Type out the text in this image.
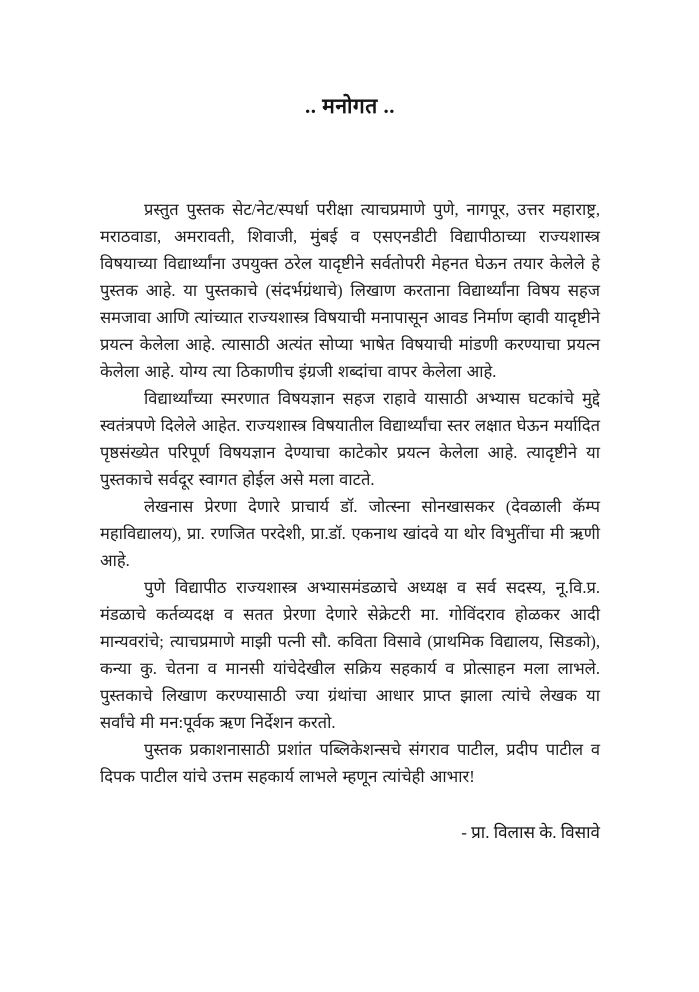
.. मनोगत ..

प्रस्तुत पुस्तक सेट/नेट/स्पर्धा परीक्षा त्याचप्रमाणे पुणे, नागपूर, उत्तर महाराष्ट्र, मराठवाडा, अमरावती, शिवाजी, मुंबई व एसएनडीटी विद्यापीठाच्या राज्यशास्त्र विषयाच्या विद्यार्थ्यांना उपयुक्त ठरेल यादृष्टीने सर्वतोपरी मेहनत घेऊन तयार केलेले हे पुस्तक आहे. या पुस्तकाचे (संदर्भग्रंथाचे) लिखाण करताना विद्यार्थ्यांना विषय सहज समजावा आणि त्यांच्यात राज्यशास्त्र विषयाची मनापासून आवड निर्माण व्हावी यादृष्टीने प्रयत्न केलेला आहे. त्यासाठी अत्यंत सोप्या भाषेत विषयाची मांडणी करण्याचा प्रयत्न केलेला आहे. योग्य त्या ठिकाणीच इंग्रजी शब्दांचा वापर केलेला आहे.

विद्यार्थ्यांच्या स्मरणात विषयज्ञान सहज राहावे यासाठी अभ्यास घटकांचे मुद्दे स्वतंत्रपणे दिलेले आहेत. राज्यशास्त्र विषयातील विद्यार्थ्यांचा स्तर लक्षात घेऊन मर्यादित पृष्ठसंख्येत परिपूर्ण विषयज्ञान देण्याचा काटेकोर प्रयत्न केलेला आहे. त्यादृष्टीने या पुस्तकाचे सर्वदूर स्वागत होईल असे मला वाटते.

लेखनास प्रेरणा देणारे प्राचार्य डॉ. जोत्स्ना सोनखासकर (देवळाली कॅम्प महाविद्यालय), प्रा. रणजित परदेशी, प्रा.डॉ. एकनाथ खांदवे या थोर विभुतींचा मी ऋणी आहे.

पुणे विद्यापीठ राज्यशास्त्र अभ्यासमंडळाचे अध्यक्ष व सर्व सदस्य, नू.वि.प्र. मंडळाचे कर्तव्यदक्ष व सतत प्रेरणा देणारे सेक्रेटरी मा. गोविंदराव होळकर आदी मान्यवरांचे; त्याचप्रमाणे माझी पत्नी सौ. कविता विसावे (प्राथमिक विद्यालय, सिडको), कन्या कु. चेतना व मानसी यांचेदेखील सक्रिय सहकार्य व प्रोत्साहन मला लाभले. पुस्तकाचे लिखाण करण्यासाठी ज्या ग्रंथांचा आधार प्राप्त झाला त्यांचे लेखक या सर्वांचे मी मन:पूर्वक ऋण निर्देशन करतो.

पुस्तक प्रकाशनासाठी प्रशांत पब्लिकेशन्सचे संगराव पाटील, प्रदीप पाटील व दिपक पाटील यांचे उत्तम सहकार्य लाभले म्हणून त्यांचेही आभार!

- प्रा. विलास के. विसावे
